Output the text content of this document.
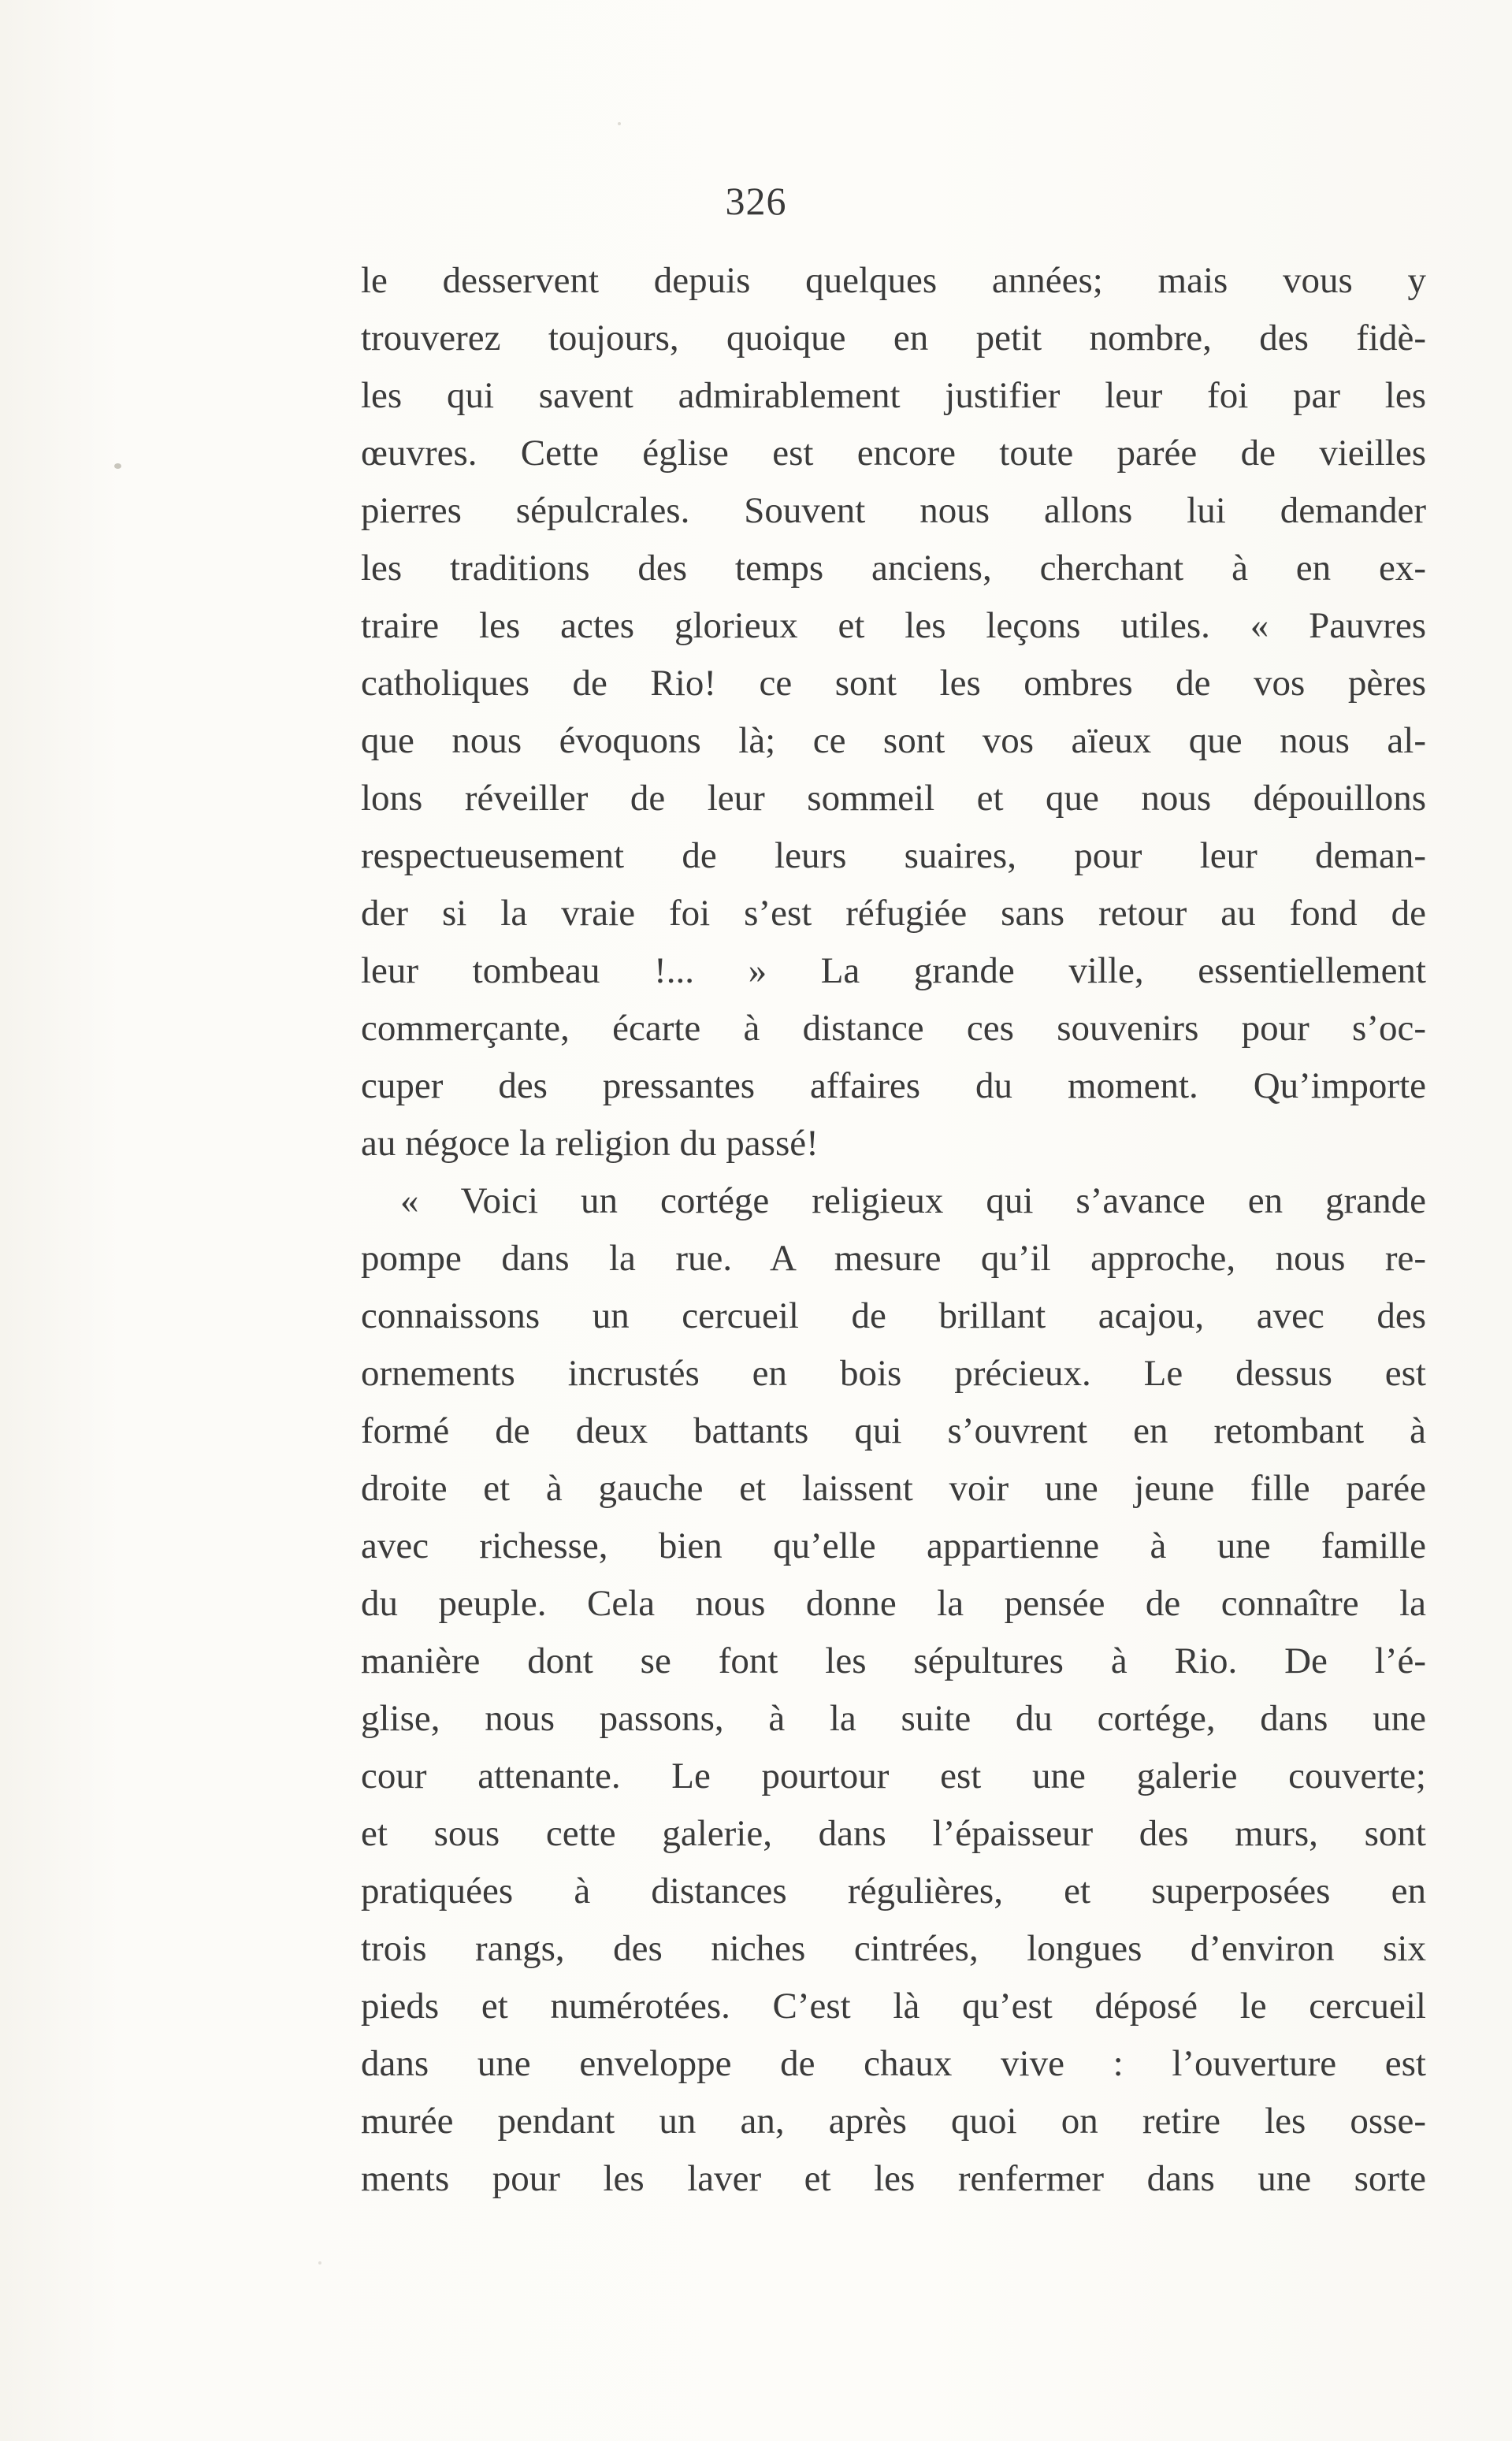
326
le desservent depuis quelques années; mais vous y
trouverez toujours, quoique en petit nombre, des fidè-
les qui savent admirablement justifier leur foi par les
œuvres. Cette église est encore toute parée de vieilles
pierres sépulcrales. Souvent nous allons lui demander
les traditions des temps anciens, cherchant à en ex-
traire les actes glorieux et les leçons utiles. « Pauvres
catholiques de Rio! ce sont les ombres de vos pères
que nous évoquons là; ce sont vos aïeux que nous al-
lons réveiller de leur sommeil et que nous dépouillons
respectueusement de leurs suaires, pour leur deman-
der si la vraie foi s’est réfugiée sans retour au fond de
leur tombeau !... » La grande ville, essentiellement
commerçante, écarte à distance ces souvenirs pour s’oc-
cuper des pressantes affaires du moment. Qu’importe
au négoce la religion du passé!
« Voici un cortége religieux qui s’avance en grande
pompe dans la rue. A mesure qu’il approche, nous re-
connaissons un cercueil de brillant acajou, avec des
ornements incrustés en bois précieux. Le dessus est
formé de deux battants qui s’ouvrent en retombant à
droite et à gauche et laissent voir une jeune fille parée
avec richesse, bien qu’elle appartienne à une famille
du peuple. Cela nous donne la pensée de connaître la
manière dont se font les sépultures à Rio. De l’é-
glise, nous passons, à la suite du cortége, dans une
cour attenante. Le pourtour est une galerie couverte;
et sous cette galerie, dans l’épaisseur des murs, sont
pratiquées à distances régulières, et superposées en
trois rangs, des niches cintrées, longues d’environ six
pieds et numérotées. C’est là qu’est déposé le cercueil
dans une enveloppe de chaux vive : l’ouverture est
murée pendant un an, après quoi on retire les osse-
ments pour les laver et les renfermer dans une sorte
